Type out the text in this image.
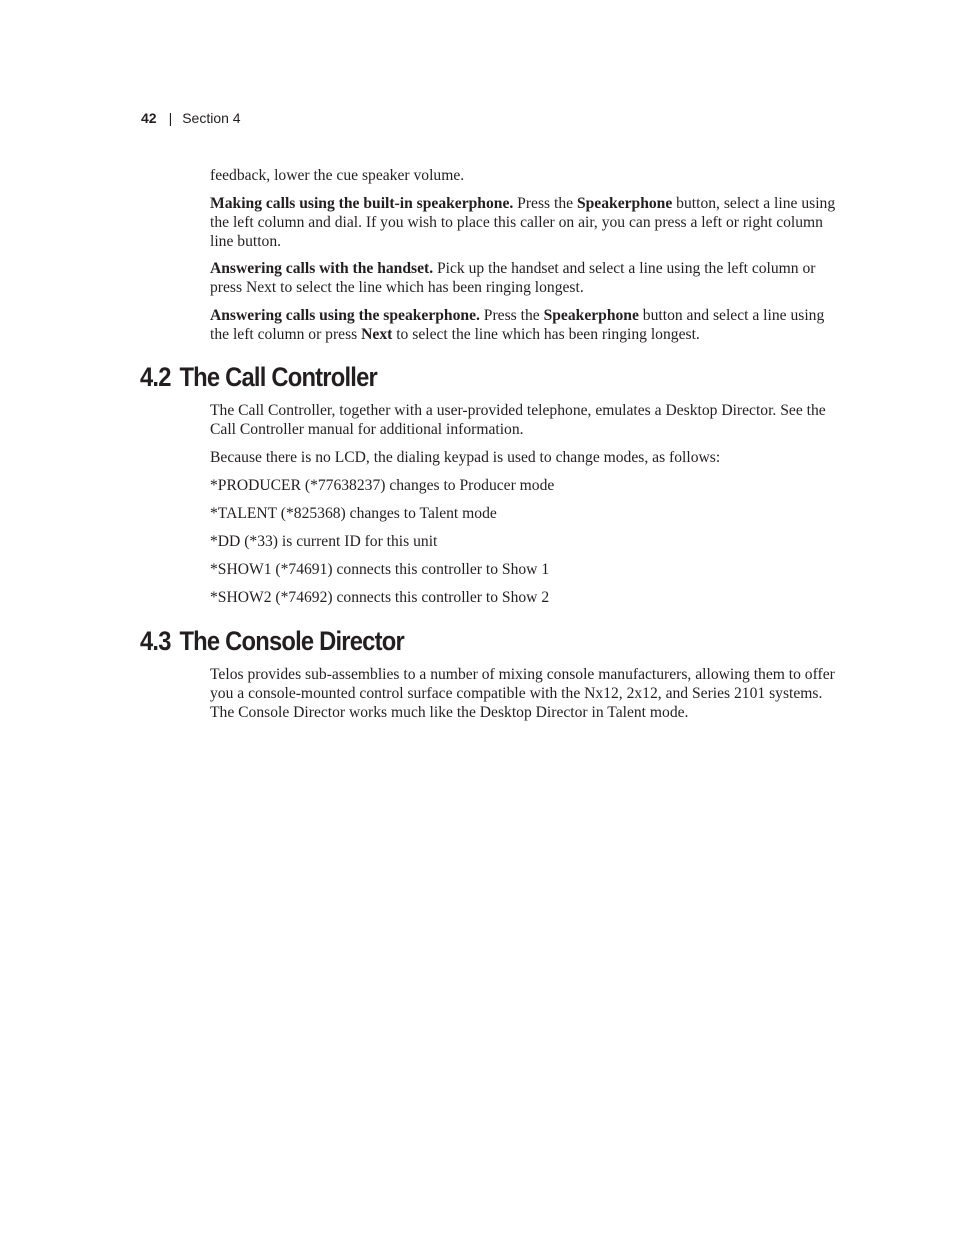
42 | Section 4

feedback, lower the cue speaker volume.

Making calls using the built-in speakerphone. Press the Speakerphone button, select a line using the left column and dial. If you wish to place this caller on air, you can press a left or right column line button.

Answering calls with the handset. Pick up the handset and select a line using the left column or press Next to select the line which has been ringing longest.

Answering calls using the speakerphone. Press the Speakerphone button and select a line using the left column or press Next to select the line which has been ringing longest.

4.2 The Call Controller

The Call Controller, together with a user-provided telephone, emulates a Desktop Director. See the Call Controller manual for additional information.

Because there is no LCD, the dialing keypad is used to change modes, as follows:

*PRODUCER (*77638237) changes to Producer mode

*TALENT (*825368) changes to Talent mode

*DD (*33) is current ID for this unit

*SHOW1 (*74691) connects this controller to Show 1

*SHOW2 (*74692) connects this controller to Show 2

4.3 The Console Director

Telos provides sub-assemblies to a number of mixing console manufacturers, allowing them to offer you a console-mounted control surface compatible with the Nx12, 2x12, and Series 2101 systems. The Console Director works much like the Desktop Director in Talent mode.
